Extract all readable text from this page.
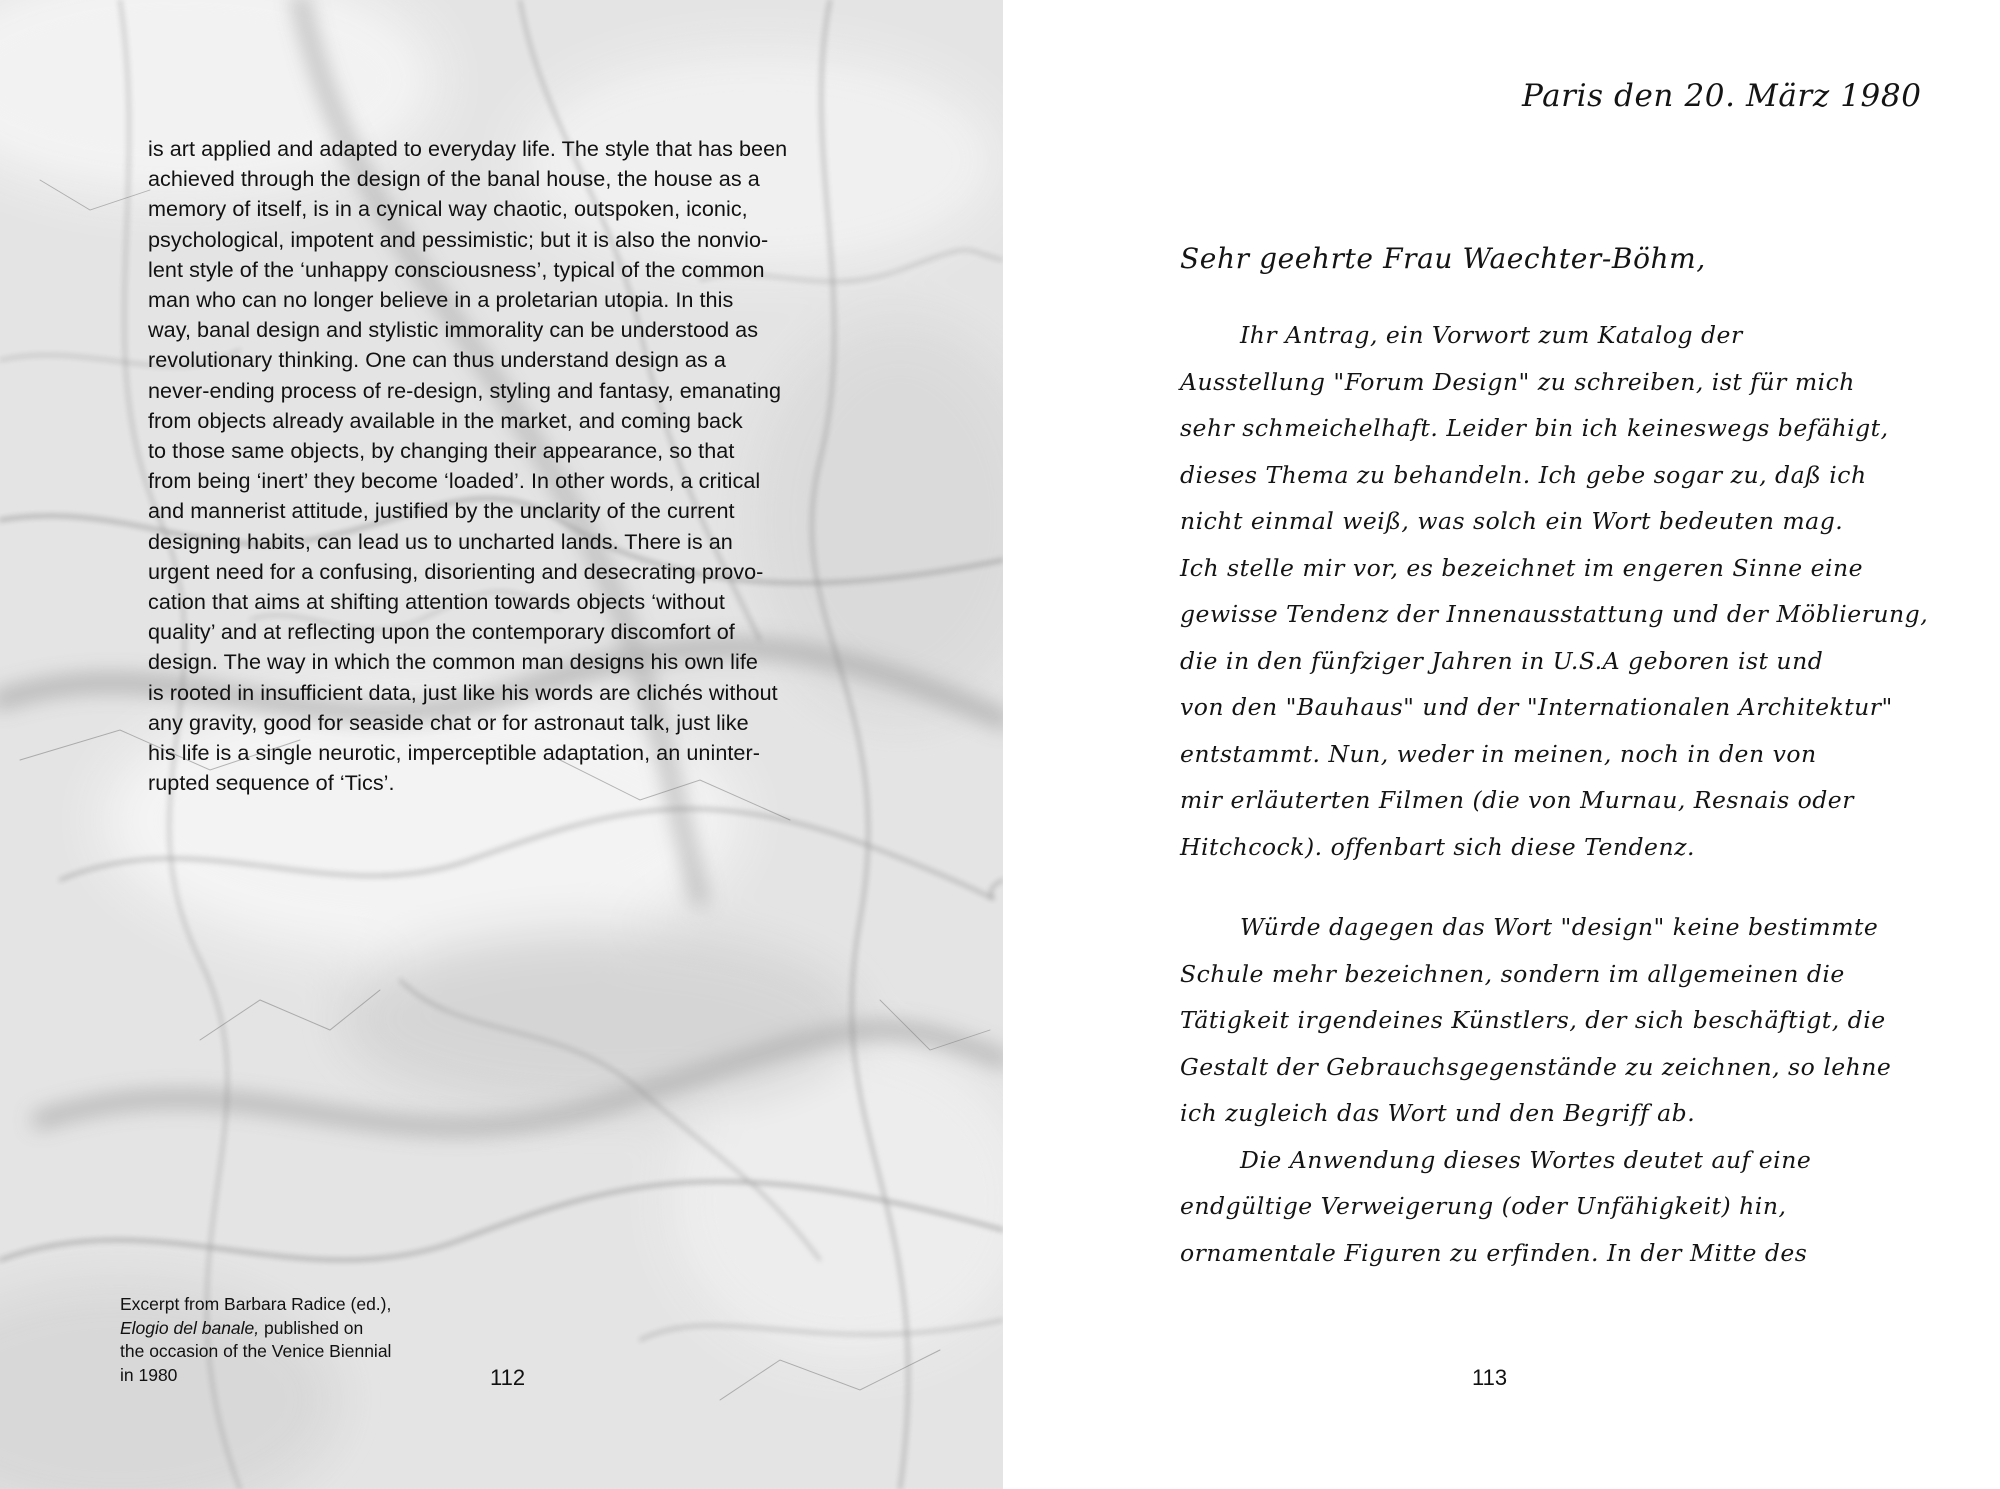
is art applied and adapted to everyday life. The style that has been
achieved through the design of the banal house, the house as a
memory of itself, is in a cynical way chaotic, outspoken, iconic,
psychological, impotent and pessimistic; but it is also the nonvio-
lent style of the ‘unhappy consciousness’, typical of the common
man who can no longer believe in a proletarian utopia. In this
way, banal design and stylistic immorality can be understood as
revolutionary thinking. One can thus understand design as a
never-ending process of re-design, styling and fantasy, emanating
from objects already available in the market, and coming back
to those same objects, by changing their appearance, so that
from being ‘inert’ they become ‘loaded’. In other words, a critical
and mannerist attitude, justified by the unclarity of the current
designing habits, can lead us to uncharted lands. There is an
urgent need for a confusing, disorienting and desecrating provo-
cation that aims at shifting attention towards objects ‘without
quality’ and at reflecting upon the contemporary discomfort of
design. The way in which the common man designs his own life
is rooted in insufficient data, just like his words are clichés without
any gravity, good for seaside chat or for astronaut talk, just like
his life is a single neurotic, imperceptible adaptation, an uninter-
rupted sequence of ‘Tics’.
Excerpt from Barbara Radice (ed.),
Elogio del banale, published on
the occasion of the Venice Biennial
in 1980	112
Paris den 20. März 1980
Sehr geehrte Frau Waechter-Böhm,
Ihr Antrag, ein Vorwort zum Katalog der
Ausstellung "Forum Design" zu schreiben, ist für mich
sehr schmeichelhaft. Leider bin ich keineswegs befähigt,
dieses Thema zu behandeln. Ich gebe sogar zu, daß ich
nicht einmal weiß, was solch ein Wort bedeuten mag.
Ich stelle mir vor, es bezeichnet im engeren Sinne eine
gewisse Tendenz der Innenausstattung und der Möblierung,
die in den fünfziger Jahren in U.S.A geboren ist und
von den "Bauhaus" und der "Internationalen Architektur"
entstammt. Nun, weder in meinen, noch in den von
mir erläuterten Filmen (die von Murnau, Resnais oder
Hitchcock). offenbart sich diese Tendenz.
Würde dagegen das Wort "design" keine bestimmte
Schule mehr bezeichnen, sondern im allgemeinen die
Tätigkeit irgendeines Künstlers, der sich beschäftigt, die
Gestalt der Gebrauchsgegenstände zu zeichnen, so lehne
ich zugleich das Wort und den Begriff ab.
Die Anwendung dieses Wortes deutet auf eine
endgültige Verweigerung (oder Unfähigkeit) hin,
ornamentale Figuren zu erfinden. In der Mitte des
113
